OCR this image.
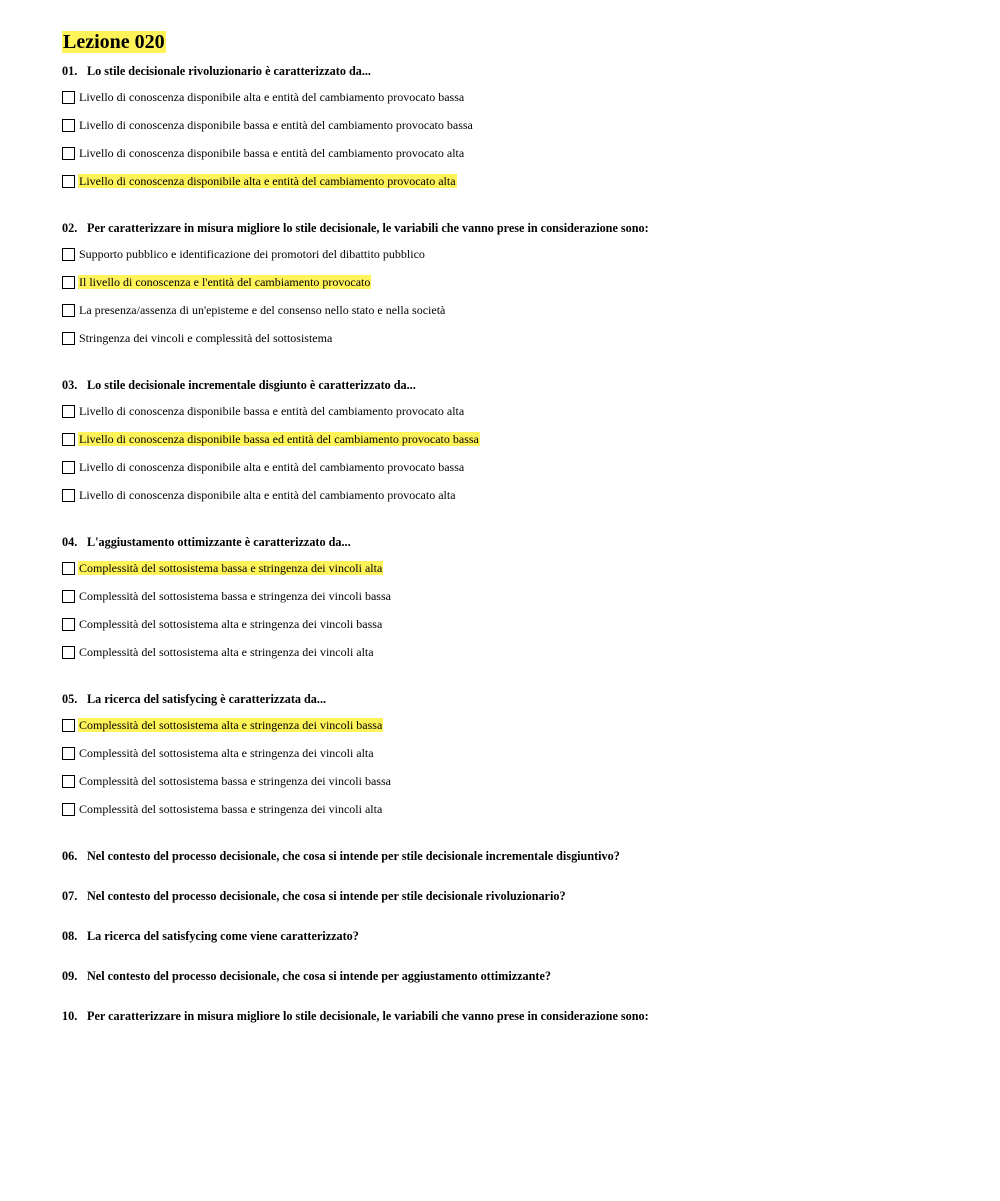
Lezione 020
01. Lo stile decisionale rivoluzionario è caratterizzato da...
Livello di conoscenza disponibile alta e entità del cambiamento provocato bassa
Livello di conoscenza disponibile bassa e entità del cambiamento provocato bassa
Livello di conoscenza disponibile bassa e entità del cambiamento provocato alta
Livello di conoscenza disponibile alta e entità del cambiamento provocato alta
02. Per caratterizzare in misura migliore lo stile decisionale, le variabili che vanno prese in considerazione sono:
Supporto pubblico e identificazione dei promotori del dibattito pubblico
Il livello di conoscenza e l'entità del cambiamento provocato
La presenza/assenza di un'episteme e del consenso nello stato e nella società
Stringenza dei vincoli e complessità del sottosistema
03. Lo stile decisionale incrementale disgiunto è caratterizzato da...
Livello di conoscenza disponibile bassa e entità del cambiamento provocato alta
Livello di conoscenza disponibile bassa ed entità del cambiamento provocato bassa
Livello di conoscenza disponibile alta e entità del cambiamento provocato bassa
Livello di conoscenza disponibile alta e entità del cambiamento provocato alta
04. L'aggiustamento ottimizzante è caratterizzato da...
Complessità del sottosistema bassa e stringenza dei vincoli alta
Complessità del sottosistema bassa e stringenza dei vincoli bassa
Complessità del sottosistema alta e stringenza dei vincoli bassa
Complessità del sottosistema alta e stringenza dei vincoli alta
05. La ricerca del satisfycing è caratterizzata da...
Complessità del sottosistema alta e stringenza dei vincoli bassa
Complessità del sottosistema alta e stringenza dei vincoli alta
Complessità del sottosistema bassa e stringenza dei vincoli bassa
Complessità del sottosistema bassa e stringenza dei vincoli alta
06. Nel contesto del processo decisionale, che cosa si intende per stile decisionale incrementale disgiuntivo?
07. Nel contesto del processo decisionale, che cosa si intende per stile decisionale rivoluzionario?
08. La ricerca del satisfycing come viene caratterizzato?
09. Nel contesto del processo decisionale, che cosa si intende per aggiustamento ottimizzante?
10. Per caratterizzare in misura migliore lo stile decisionale, le variabili che vanno prese in considerazione sono:
